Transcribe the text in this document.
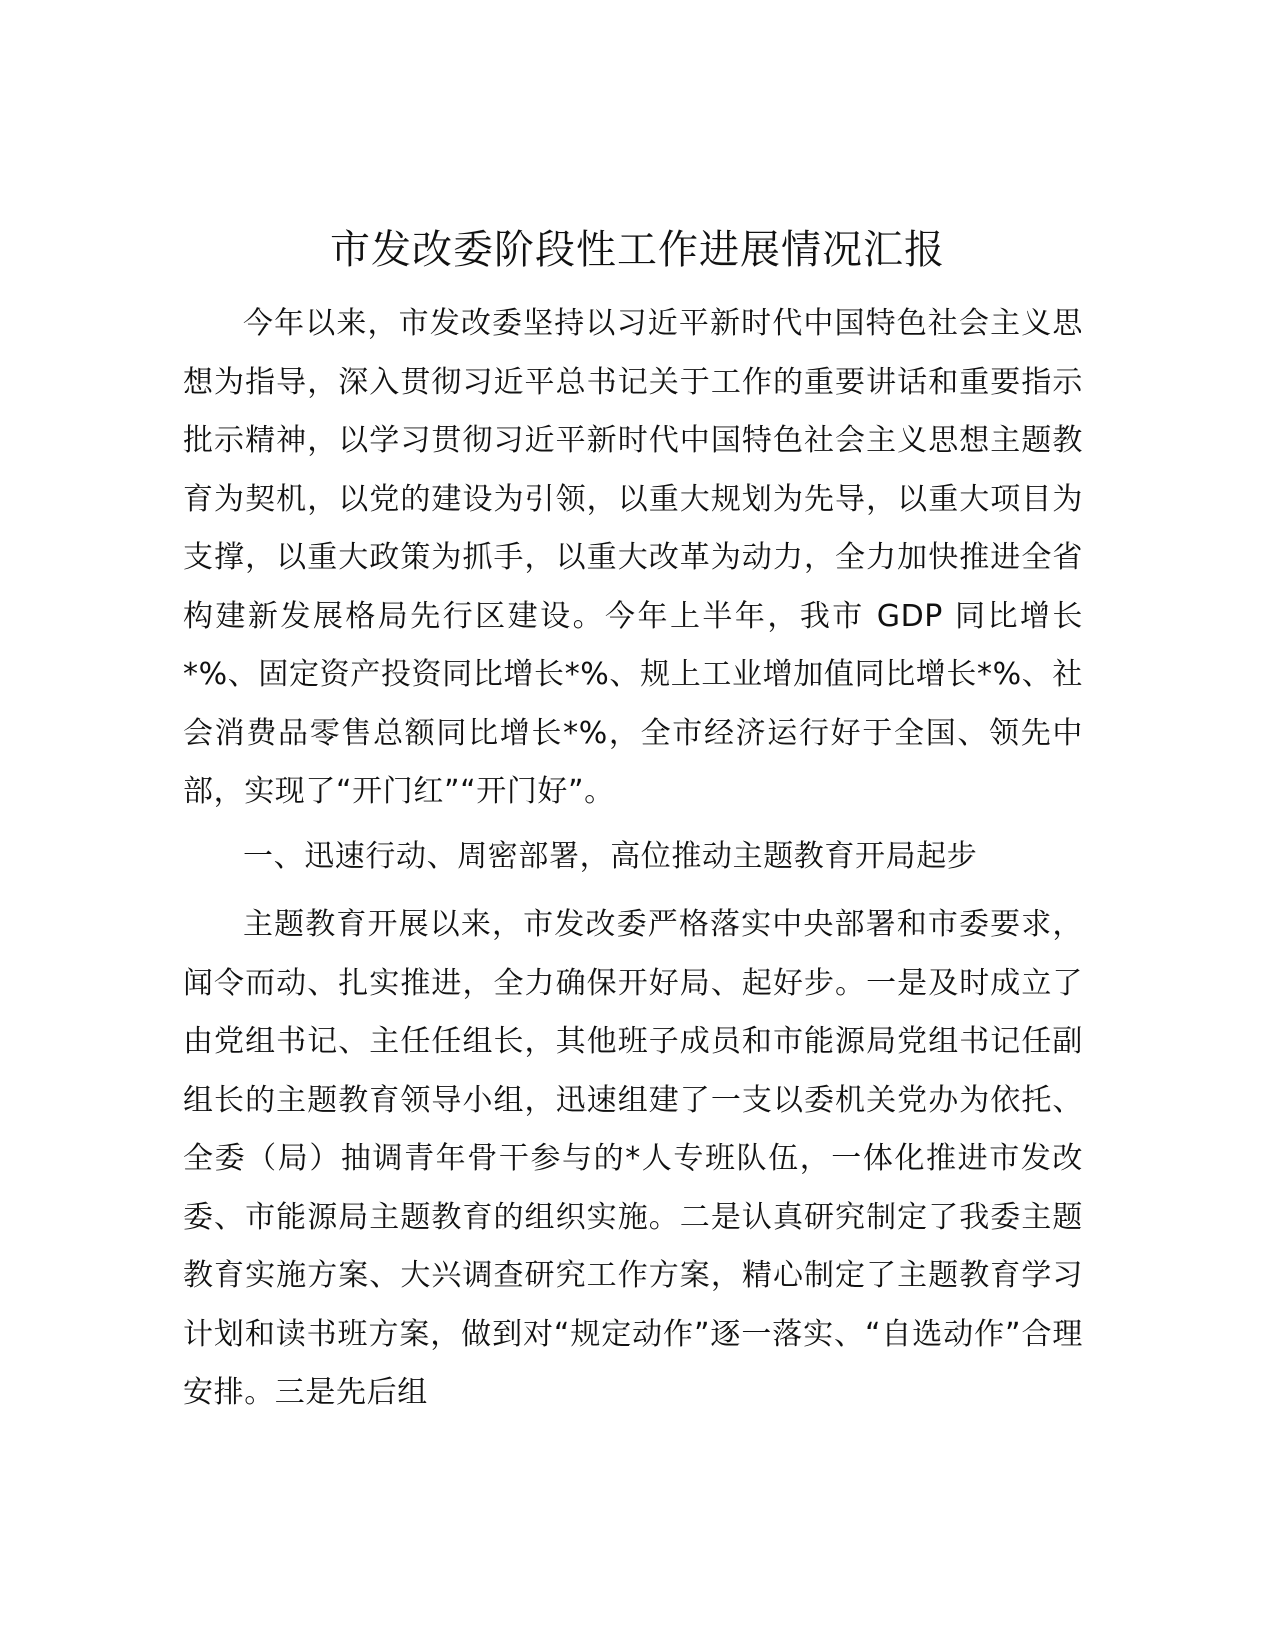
市发改委阶段性工作进展情况汇报

今年以来，市发改委坚持以习近平新时代中国特色社会主义思想为指导，深入贯彻习近平总书记关于工作的重要讲话和重要指示批示精神，以学习贯彻习近平新时代中国特色社会主义思想主题教育为契机，以党的建设为引领，以重大规划为先导，以重大项目为支撑，以重大政策为抓手，以重大改革为动力，全力加快推进全省构建新发展格局先行区建设。今年上半年，我市 GDP 同比增长*%、固定资产投资同比增长*%、规上工业增加值同比增长*%、社会消费品零售总额同比增长*%，全市经济运行好于全国、领先中部，实现了“开门红”“开门好”。

一、迅速行动、周密部署，高位推动主题教育开局起步

主题教育开展以来，市发改委严格落实中央部署和市委要求，闻令而动、扎实推进，全力确保开好局、起好步。一是及时成立了由党组书记、主任任组长，其他班子成员和市能源局党组书记任副组长的主题教育领导小组，迅速组建了一支以委机关党办为依托、全委（局）抽调青年骨干参与的*人专班队伍，一体化推进市发改委、市能源局主题教育的组织实施。二是认真研究制定了我委主题教育实施方案、大兴调查研究工作方案，精心制定了主题教育学习计划和读书班方案，做到对“规定动作”逐一落实、“自选动作”合理安排。三是先后组
